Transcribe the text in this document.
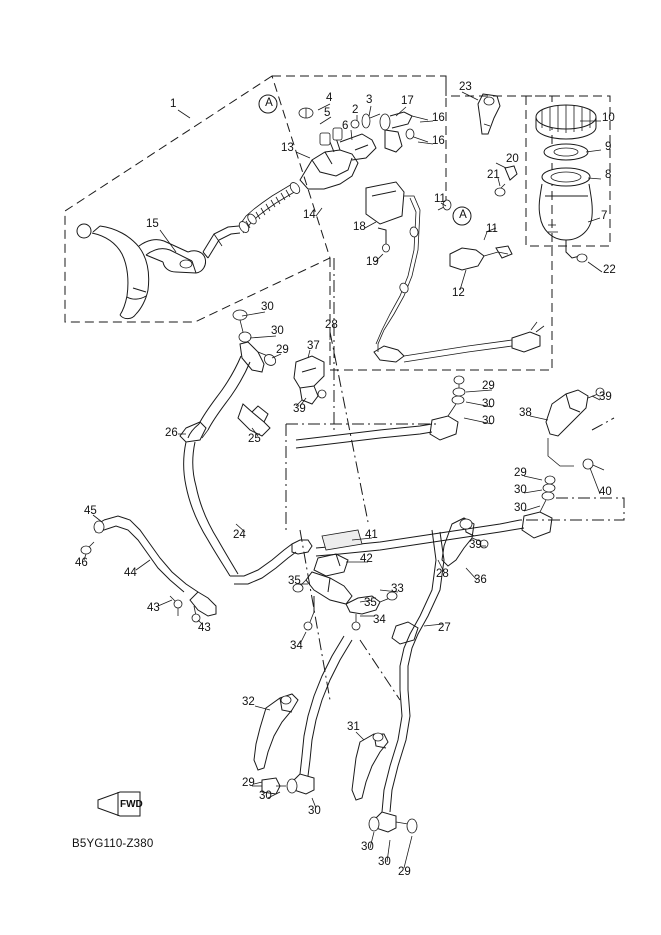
1	2
3
4
5
6
7
8
9
10
11
11
12
13
14
15
16
16
17
18
19
20
21
22
23
24
25
26
27
28
28
29
29
29
29
29
30
30
30
30
30
30
30
30
30
30
31
32
33
34
34
35
35
36
37
38
39
39
39
40
41
42
43
43
44
45
46
A
A
FWD
B5YG110-Z380
